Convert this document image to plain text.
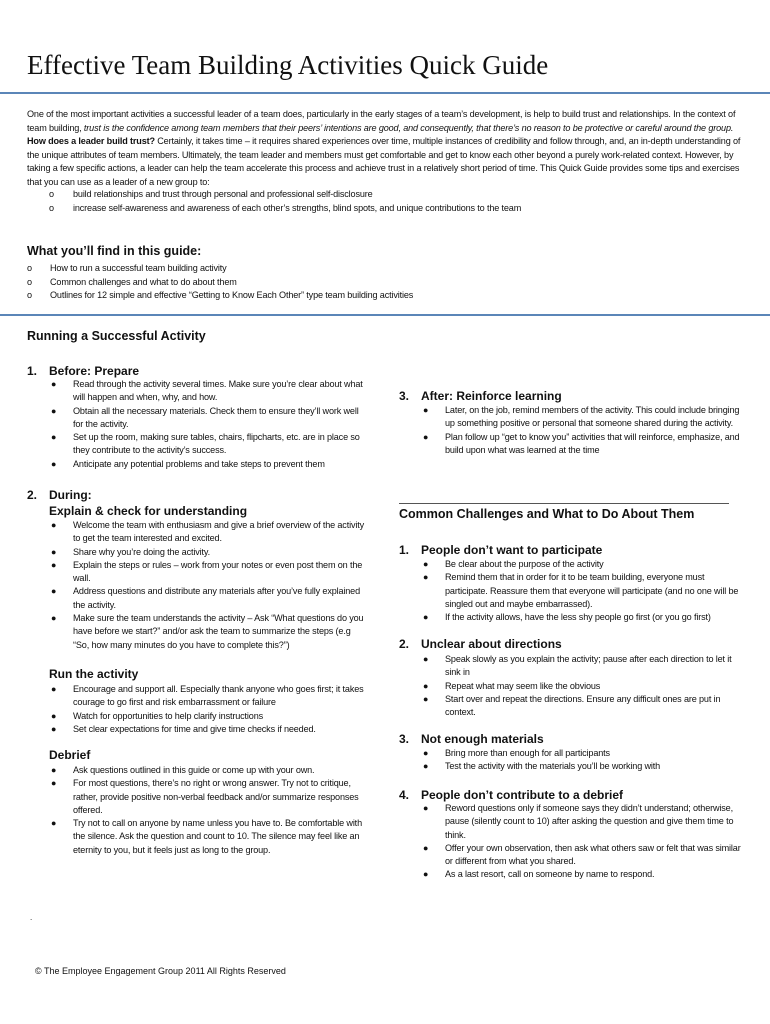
Effective Team Building Activities Quick Guide

One of the most important activities a successful leader of a team does, particularly in the early stages of a team’s development, is help to build trust and relationships. In the context of team building, trust is the confidence among team members that their peers’ intentions are good, and consequently, that there’s no reason to be protective or careful around the group. How does a leader build trust? Certainly, it takes time – it requires shared experiences over time, multiple instances of credibility and follow through, and, an in-depth understanding of the unique attributes of team members. Ultimately, the team leader and members must get comfortable and get to know each other beyond a purely work-related context. However, by taking a few specific actions, a leader can help the team accelerate this process and achieve trust in a relatively short period of time. This Quick Guide provides some tips and exercises that you can use as a leader of a new group to:

o build relationships and trust through personal and professional self-disclosure
o increase self-awareness and awareness of each other’s strengths, blind spots, and unique contributions to the team
What you’ll find in this guide:
o How to run a successful team building activity
o Common challenges and what to do about them
o Outlines for 12 simple and effective “Getting to Know Each Other” type team building activities
Running a Successful Activity
1. Before: Prepare
● Read through the activity several times. Make sure you’re clear about what will happen and when, why, and how.
● Obtain all the necessary materials. Check them to ensure they’ll work well for the activity.
● Set up the room, making sure tables, chairs, flipcharts, etc. are in place so they contribute to the activity’s success.
● Anticipate any potential problems and take steps to prevent them
2. During:
Explain & check for understanding
● Welcome the team with enthusiasm and give a brief overview of the activity to get the team interested and excited.
● Share why you’re doing the activity.
● Explain the steps or rules – work from your notes or even post them on the wall.
● Address questions and distribute any materials after you’ve fully explained the activity.
● Make sure the team understands the activity – Ask “What questions do you have before we start?” and/or ask the team to summarize the steps (e.g “So, how many minutes do you have to complete this?”)
Run the activity
● Encourage and support all. Especially thank anyone who goes first; it takes courage to go first and risk embarrassment or failure
● Watch for opportunities to help clarify instructions
● Set clear expectations for time and give time checks if needed.
Debrief
● Ask questions outlined in this guide or come up with your own.
● For most questions, there’s no right or wrong answer. Try not to critique, rather, provide positive non-verbal feedback and/or summarize responses offered.
● Try not to call on anyone by name unless you have to. Be comfortable with the silence. Ask the question and count to 10. The silence may feel like an eternity to you, but it feels just as long to the group.
3. After: Reinforce learning
● Later, on the job, remind members of the activity. This could include bringing up something positive or personal that someone shared during the activity.
● Plan follow up “get to know you” activities that will reinforce, emphasize, and build upon what was learned at the time
Common Challenges and What to Do About Them
1. People don’t want to participate
● Be clear about the purpose of the activity
● Remind them that in order for it to be team building, everyone must participate. Reassure them that everyone will participate (and no one will be singled out and maybe embarrassed).
● If the activity allows, have the less shy people go first (or you go first)
2. Unclear about directions
● Speak slowly as you explain the activity; pause after each direction to let it sink in
● Repeat what may seem like the obvious
● Start over and repeat the directions. Ensure any difficult ones are put in context.
3. Not enough materials
● Bring more than enough for all participants
● Test the activity with the materials you’ll be working with
4. People don’t contribute to a debrief
● Reword questions only if someone says they didn’t understand; otherwise, pause (silently count to 10) after asking the question and give them time to think.
● Offer your own observation, then ask what others saw or felt that was similar or different from what you shared.
● As a last resort, call on someone by name to respond.
.
© The Employee Engagement Group 2011 All Rights Reserved
